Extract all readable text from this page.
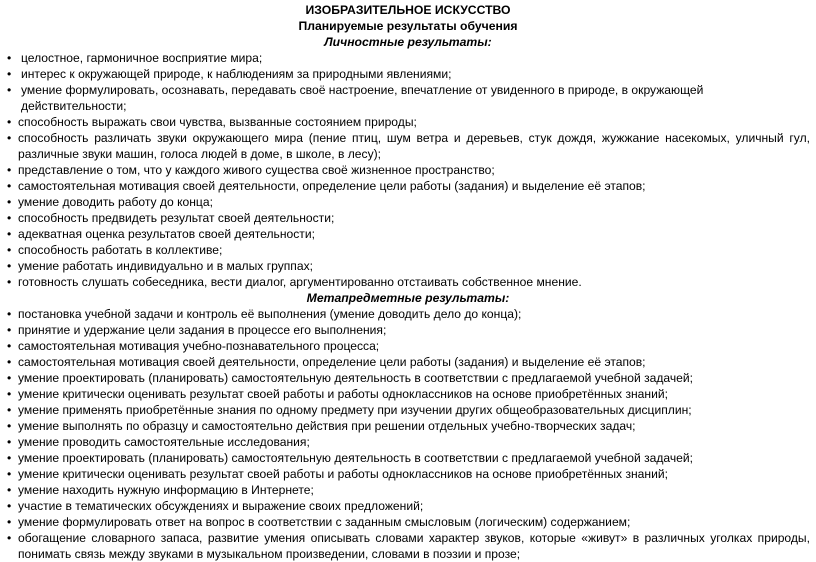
ИЗОБРАЗИТЕЛЬНОЕ ИСКУССТВО
Планируемые результаты обучения
Личностные результаты:
• целостное, гармоничное восприятие мира;
• интерес к окружающей природе, к наблюдениям за природными явлениями;
• умение формулировать, осознавать, передавать своё настроение, впечатление от увиденного в природе, в окружающей действительности;
• способность выражать свои чувства, вызванные состоянием природы;
• способность различать звуки окружающего мира (пение птиц, шум ветра и деревьев, стук дождя, жужжание насекомых, уличный гул, различные звуки машин, голоса людей в доме, в школе, в лесу);
• представление о том, что у каждого живого существа своё жизненное пространство;
• самостоятельная мотивация своей деятельности, определение цели работы (задания) и выделение её этапов;
• умение доводить работу до конца;
• способность предвидеть результат своей деятельности;
• адекватная оценка результатов своей деятельности;
• способность работать в коллективе;
• умение работать индивидуально и в малых группах;
• готовность слушать собеседника, вести диалог, аргументированно отстаивать собственное мнение.
Метапредметные результаты:
• постановка учебной задачи и контроль её выполнения (умение доводить дело до конца);
• принятие и удержание цели задания в процессе его выполнения;
• самостоятельная мотивация учебно-познавательного процесса;
• самостоятельная мотивация своей деятельности, определение цели работы (задания) и выделение её этапов;
• умение проектировать (планировать) самостоятельную деятельность в соответствии с предлагаемой учебной задачей;
• умение критически оценивать результат своей работы и работы одноклассников на основе приобретённых знаний;
• умение применять приобретённые знания по одному предмету при изучении других общеобразовательных дисциплин;
• умение выполнять по образцу и самостоятельно действия при решении отдельных учебно-творческих задач;
• умение проводить самостоятельные исследования;
• умение проектировать (планировать) самостоятельную деятельность в соответствии с предлагаемой учебной задачей;
• умение критически оценивать результат своей работы и работы одноклассников на основе приобретённых знаний;
• умение находить нужную информацию в Интернете;
• участие в тематических обсуждениях и выражение своих предложений;
• умение формулировать ответ на вопрос в соответствии с заданным смысловым (логическим) содержанием;
• обогащение словарного запаса, развитие умения описывать словами характер звуков, которые «живут» в различных уголках природы, понимать связь между звуками в музыкальном произведении, словами в поэзии и прозе;
